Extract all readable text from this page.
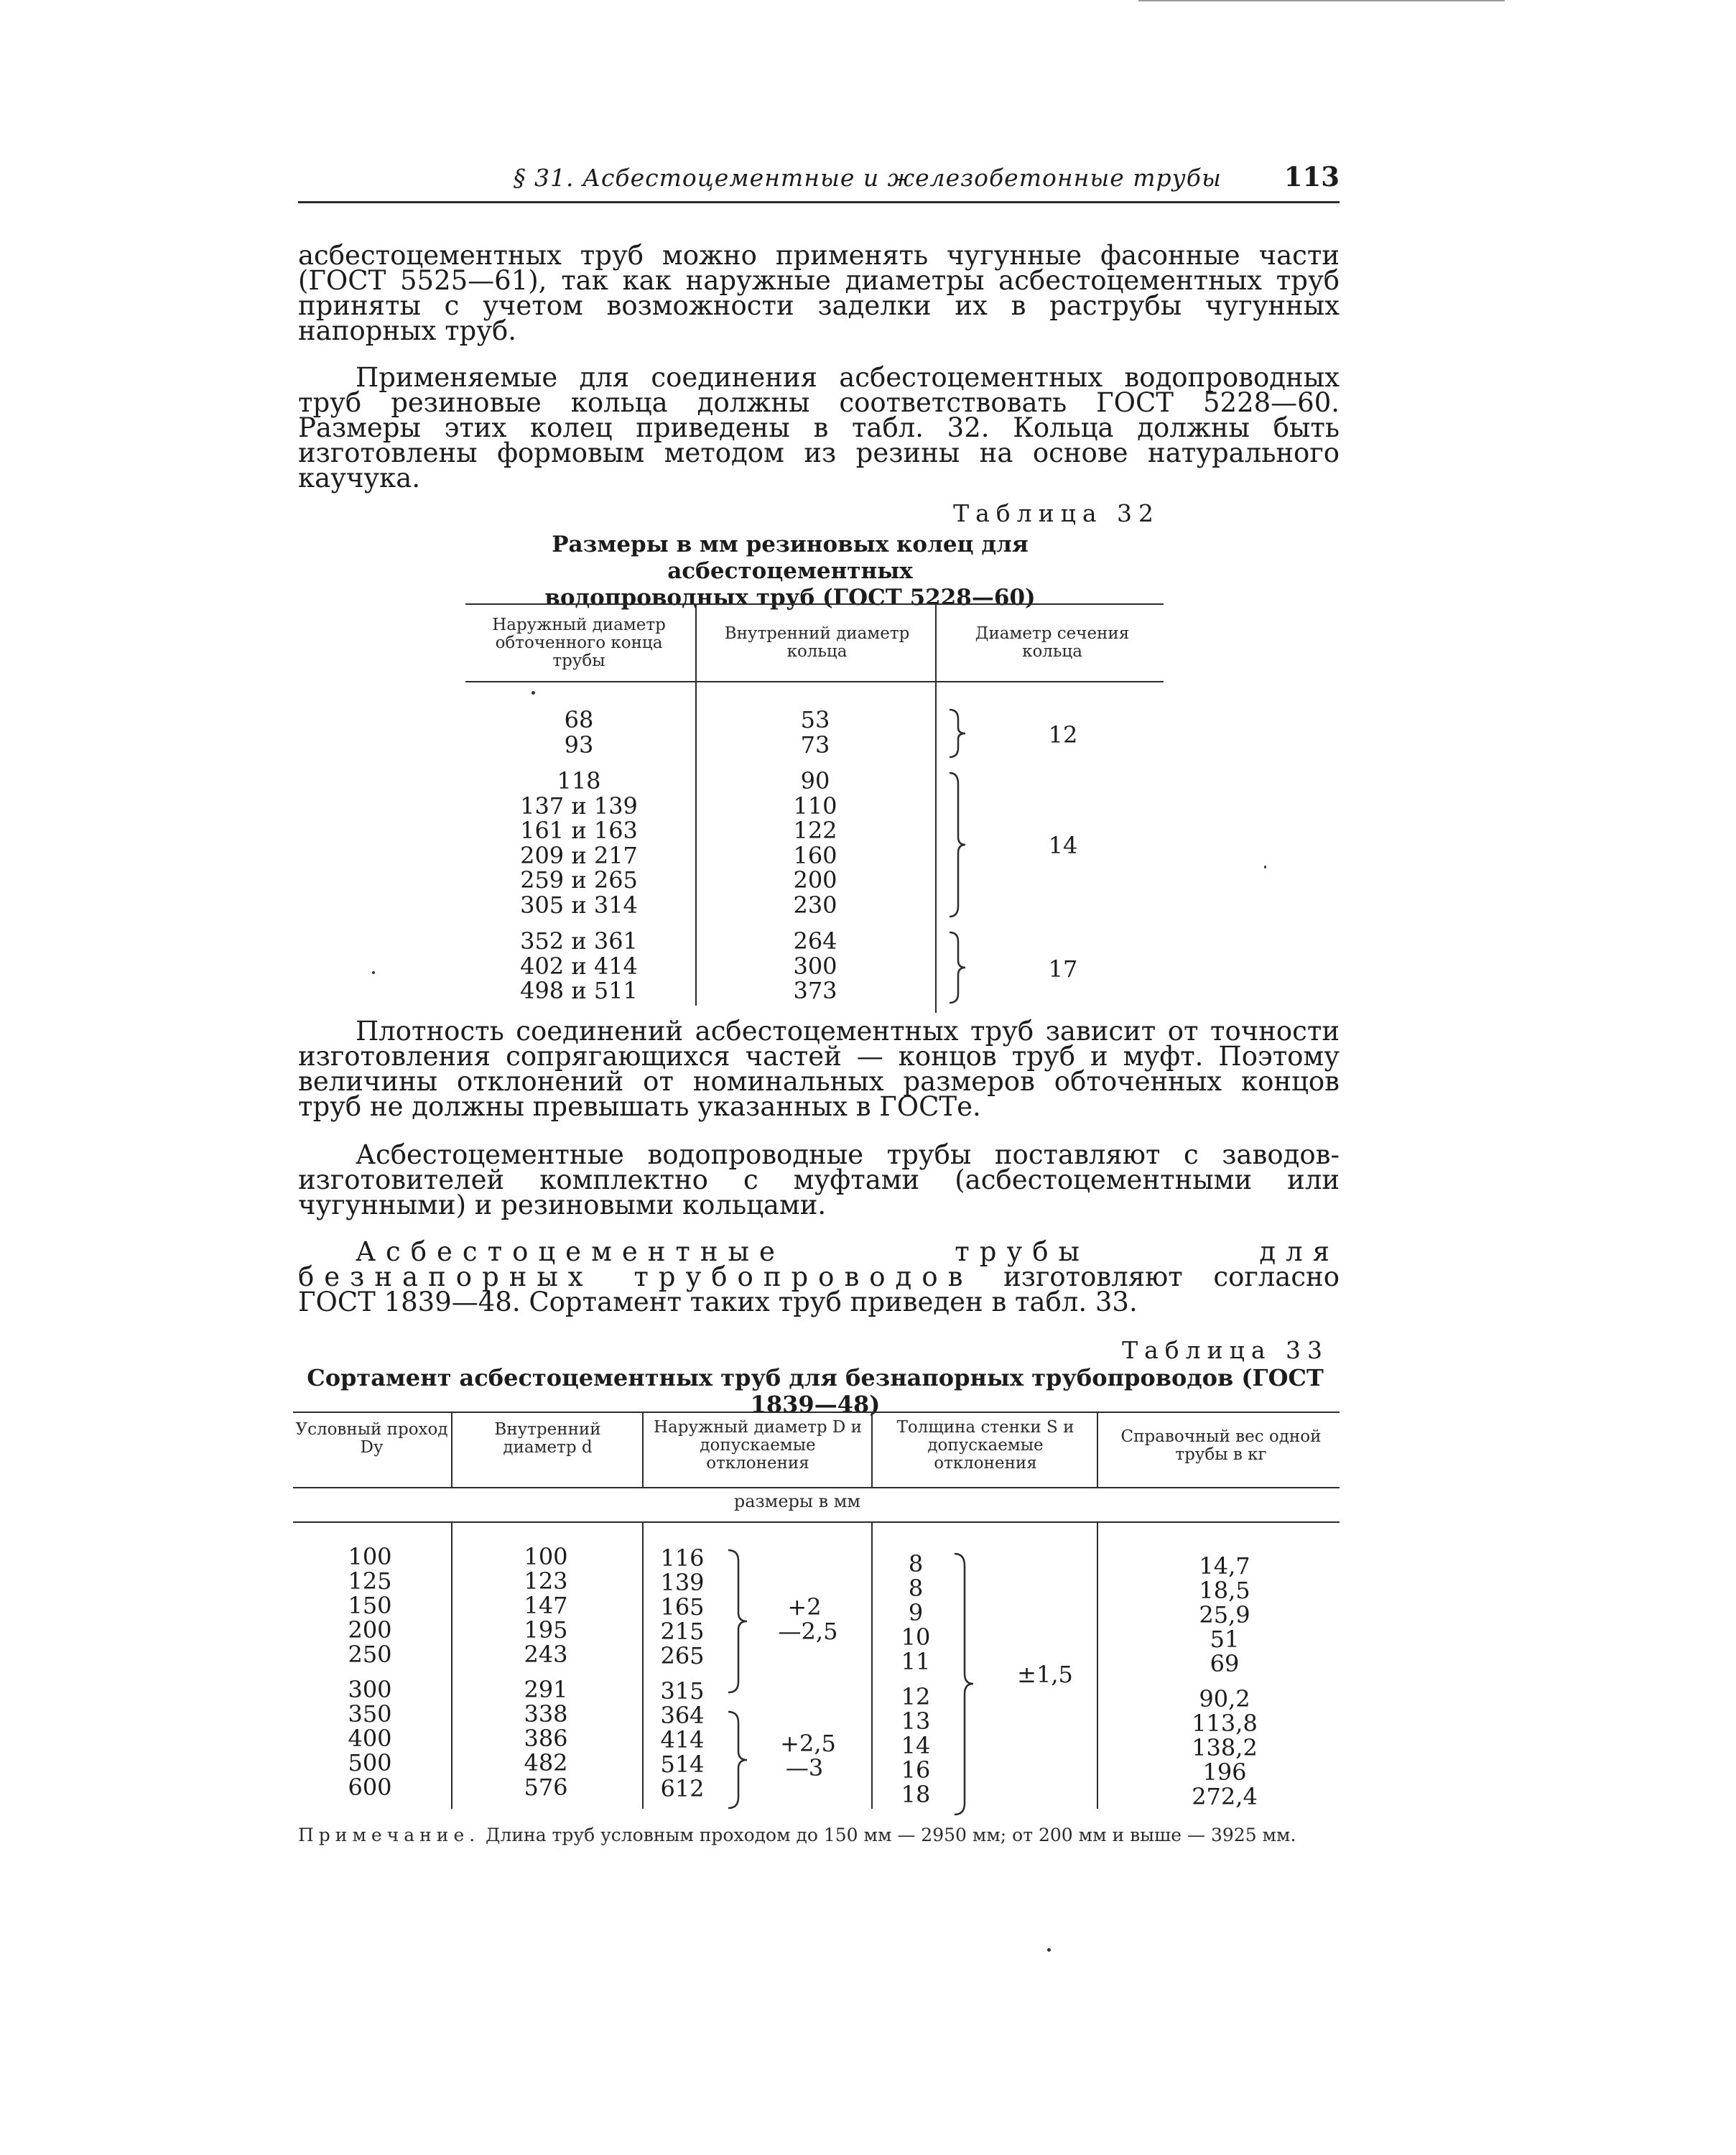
§ 31. Асбестоцементные и железобетонные трубы 113

асбестоцементных труб можно применять чугунные фасонные части (ГОСТ 5525—61), так как наружные диаметры асбестоцементных труб приняты с учетом возможности заделки их в раструбы чугунных напорных труб.

Применяемые для соединения асбестоцементных водопроводных труб резиновые кольца должны соответствовать ГОСТ 5228—60. Размеры этих колец приведены в табл. 32. Кольца должны быть изготовлены формовым методом из резины на основе натурального каучука.

Таблица 32
Размеры в мм резиновых колец для асбестоцементных
водопроводных труб (ГОСТ 5228—60)
Наружный диаметр обточенного конца трубы
Внутренний диаметр кольца
Диаметр сечения кольца
68
93
118
137 и 139
161 и 163
209 и 217
259 и 265
305 и 314
352 и 361
402 и 414
498 и 511
53
73
90
110
122
160
200
230
264
300
373
12
14
17

Плотность соединений асбестоцементных труб зависит от точности изготовления сопрягающихся частей — концов труб и муфт. Поэтому величины отклонений от номинальных размеров обточенных концов труб не должны превышать указанных в ГОСТе.

Асбестоцементные водопроводные трубы поставляют с заводов-изготовителей комплектно с муфтами (асбестоцементными или чугунными) и резиновыми кольцами.

Асбестоцементные трубы для безнапорных трубопроводов изготовляют согласно ГОСТ 1839—48. Сортамент таких труб приведен в табл. 33.

Таблица 33
Сортамент асбестоцементных труб для безнапорных трубопроводов (ГОСТ 1839—48)
Условный проход Dу
Внутренний диаметр d
Наружный диаметр D и допускаемые отклонения
Толщина стенки S и допускаемые отклонения
Справочный вес одной трубы в кг
размеры в мм
100
125
150
200
250
300
350
400
500
600
100
123
147
195
243
291
338
386
482
576
116
139
165
215
265
315
364
414
514
612
+2
—2,5
+2,5
—3
8
8
9
10
11
12
13
14
16
18
±1,5
14,7
18,5
25,9
51
69
90,2
113,8
138,2
196
272,4
Примечание. Длина труб условным проходом до 150 мм — 2950 мм; от 200 мм и выше — 3925 мм.
